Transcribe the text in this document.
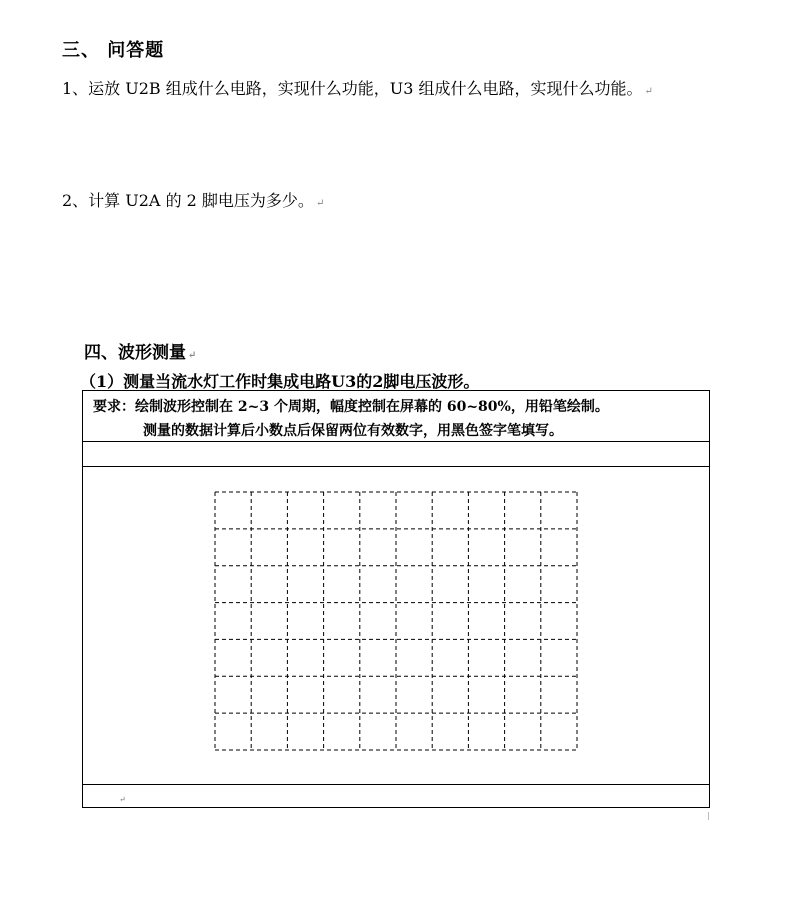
三、 问答题
1、运放 U2B 组成什么电路，实现什么功能，U3 组成什么电路，实现什么功能。 ↵
2、计算 U2A 的 2 脚电压为多少。 ↵
四、波形测量 ↵
（1）测量当流水灯工作时集成电路U3的2脚电压波形。
要求：绘制波形控制在 2~3 个周期，幅度控制在屏幕的 60~80%，用铅笔绘制。
测量的数据计算后小数点后保留两位有效数字，用黑色签字笔填写。
↵
